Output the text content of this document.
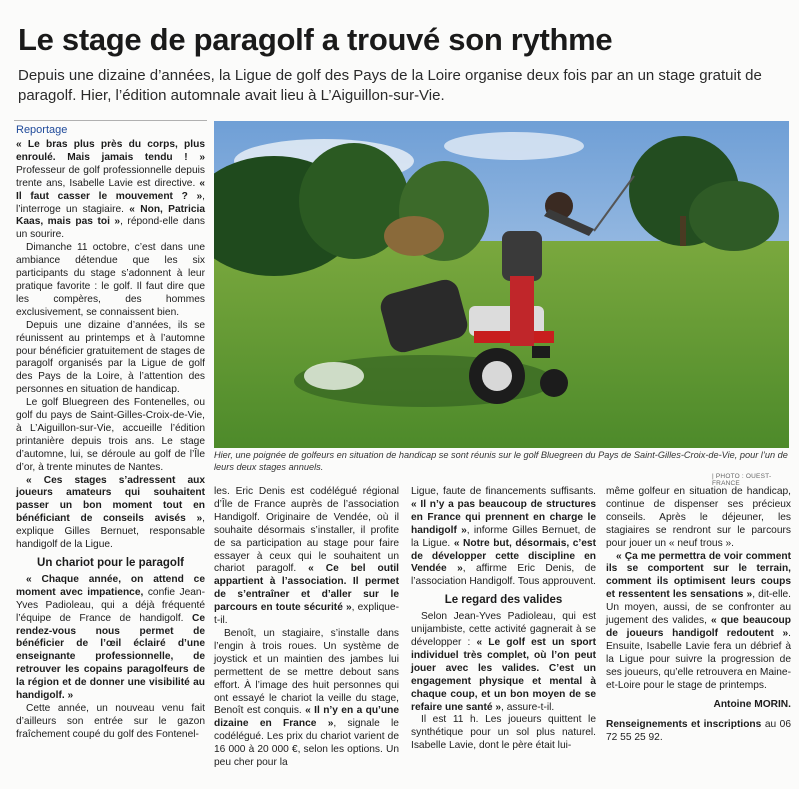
Le stage de paragolf a trouvé son rythme

Depuis une dizaine d’années, la Ligue de golf des Pays de la Loire organise deux fois par an un stage gratuit de paragolf. Hier, l’édition automnale avait lieu à L’Aiguillon-sur-Vie.

Reportage

« Le bras plus près du corps, plus enroulé. Mais jamais tendu ! » Professeur de golf professionnelle depuis trente ans, Isabelle Lavie est directive. « Il faut casser le mouvement ? », l’interroge un stagiaire. « Non, Patricia Kaas, mais pas toi », répond-elle dans un sourire.

Dimanche 11 octobre, c’est dans une ambiance détendue que les six participants du stage s’adonnent à leur pratique favorite : le golf. Il faut dire que les compères, des hommes exclusivement, se connaissent bien.

Depuis une dizaine d’années, ils se réunissent au printemps et à l’automne pour bénéficier gratuitement de stages de paragolf organisés par la Ligue de golf des Pays de la Loire, à l’attention des personnes en situation de handicap.

Le golf Bluegreen des Fontenelles, ou golf du pays de Saint-Gilles-Croix-de-Vie, à L’Aiguillon-sur-Vie, accueille l’édition printanière depuis trois ans. Le stage d’automne, lui, se déroule au golf de l’Île d’or, à trente minutes de Nantes.

« Ces stages s’adressent aux joueurs amateurs qui souhaitent passer un bon moment tout en bénéficiant de conseils avisés », explique Gilles Bernuet, responsable handigolf de la Ligue.

Un chariot pour le paragolf

« Chaque année, on attend ce moment avec impatience, confie Jean-Yves Padioleau, qui a déjà fréquenté l’équipe de France de handigolf. Ce rendez-vous nous permet de bénéficier de l’œil éclairé d’une enseignante professionnelle, de retrouver les copains paragolfeurs de la région et de donner une visibilité au handigolf. »

Cette année, un nouveau venu fait d’ailleurs son entrée sur le gazon fraîchement coupé du golf des Fontenel-

Hier, une poignée de golfeurs en situation de handicap se sont réunis sur le golf Bluegreen du Pays de Saint-Gilles-Croix-de-Vie, pour l’un de leurs deux stages annuels.

| PHOTO : OUEST-FRANCE

les. Eric Denis est codélégué régional d’Île de France auprès de l’association Handigolf. Originaire de Vendée, où il souhaite désormais s’installer, il profite de sa participation au stage pour faire essayer à ceux qui le souhaitent un chariot paragolf. « Ce bel outil appartient à l’association. Il permet de s’entraîner et d’aller sur le parcours en toute sécurité », explique-t-il.

Benoît, un stagiaire, s’installe dans l’engin à trois roues. Un système de joystick et un maintien des jambes lui permettent de se mettre debout sans effort. À l’image des huit personnes qui ont essayé le chariot la veille du stage, Benoît est conquis. « Il n’y en a qu’une dizaine en France », signale le codélégué. Les prix du chariot varient de 16 000 à 20 000 €, selon les options. Un peu cher pour la

Ligue, faute de financements suffisants. « Il n’y a pas beaucoup de structures en France qui prennent en charge le handigolf », informe Gilles Bernuet, de la Ligue. « Notre but, désormais, c’est de développer cette discipline en Vendée », affirme Eric Denis, de l’association Handigolf. Tous approuvent.

Le regard des valides

Selon Jean-Yves Padioleau, qui est unijambiste, cette activité gagnerait à se développer : « Le golf est un sport individuel très complet, où l’on peut jouer avec les valides. C’est un engagement physique et mental à chaque coup, et un bon moyen de se refaire une santé », assure-t-il.

Il est 11 h. Les joueurs quittent le synthétique pour un sol plus naturel. Isabelle Lavie, dont le père était lui-

même golfeur en situation de handicap, continue de dispenser ses précieux conseils. Après le déjeuner, les stagiaires se rendront sur le parcours pour jouer un « neuf trous ».

« Ça me permettra de voir comment ils se comportent sur le terrain, comment ils optimisent leurs coups et ressentent les sensations », dit-elle. Un moyen, aussi, de se confronter au jugement des valides, « que beaucoup de joueurs handigolf redoutent ». Ensuite, Isabelle Lavie fera un débrief à la Ligue pour suivre la progression de ses joueurs, qu’elle retrouvera en Maine-et-Loire pour le stage de printemps.

Antoine MORIN.

Renseignements et inscriptions au 06 72 55 25 92.
